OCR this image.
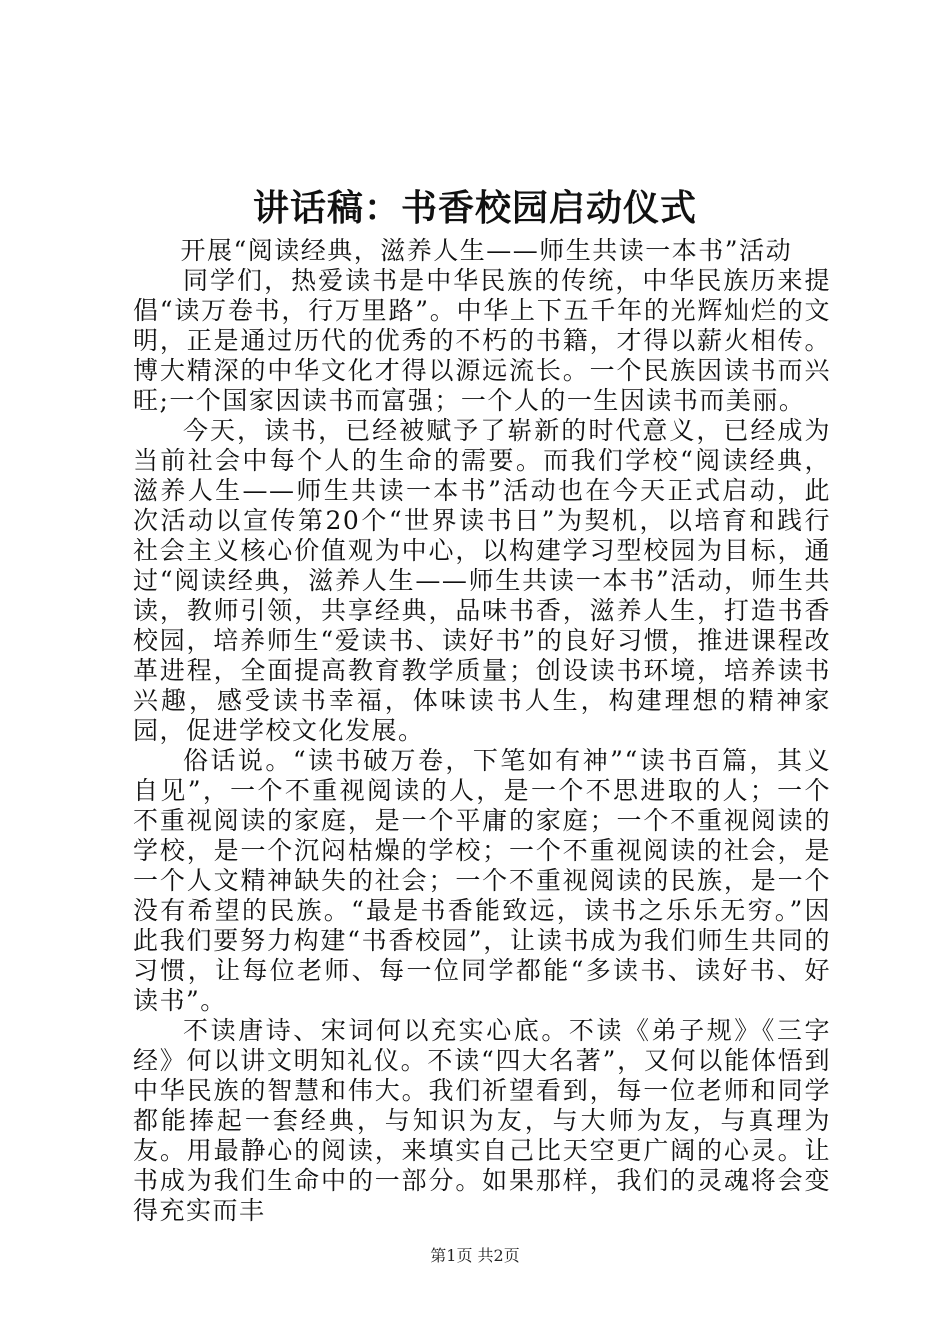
讲话稿：书香校园启动仪式

开展“阅读经典，滋养人生——师生共读一本书”活动

同学们，热爱读书是中华民族的传统，中华民族历来提倡“读万卷书，行万里路”。中华上下五千年的光辉灿烂的文明，正是通过历代的优秀的不朽的书籍，才得以薪火相传。博大精深的中华文化才得以源远流长。一个民族因读书而兴旺;一个国家因读书而富强；一个人的一生因读书而美丽。

今天，读书，已经被赋予了崭新的时代意义，已经成为当前社会中每个人的生命的需要。而我们学校“阅读经典，滋养人生——师生共读一本书”活动也在今天正式启动，此次活动以宣传第20个“世界读书日”为契机，以培育和践行社会主义核心价值观为中心，以构建学习型校园为目标，通过“阅读经典，滋养人生——师生共读一本书”活动，师生共读，教师引领，共享经典，品味书香，滋养人生，打造书香校园，培养师生“爱读书、读好书”的良好习惯，推进课程改革进程，全面提高教育教学质量；创设读书环境，培养读书兴趣，感受读书幸福，体味读书人生，构建理想的精神家园，促进学校文化发展。

俗话说。“读书破万卷，下笔如有神”“读书百篇，其义自见”，一个不重视阅读的人，是一个不思进取的人；一个不重视阅读的家庭，是一个平庸的家庭；一个不重视阅读的学校，是一个沉闷枯燥的学校；一个不重视阅读的社会，是一个人文精神缺失的社会；一个不重视阅读的民族，是一个没有希望的民族。“最是书香能致远，读书之乐乐无穷。”因此我们要努力构建“书香校园”，让读书成为我们师生共同的习惯，让每位老师、每一位同学都能“多读书、读好书、好读书”。

不读唐诗、宋词何以充实心底。不读《弟子规》《三字经》何以讲文明知礼仪。不读“四大名著”，又何以能体悟到中华民族的智慧和伟大。我们祈望看到，每一位老师和同学都能捧起一套经典，与知识为友，与大师为友，与真理为友。用最静心的阅读，来填实自己比天空更广阔的心灵。让书成为我们生命中的一部分。如果那样，我们的灵魂将会变得充实而丰

第1页 共2页
